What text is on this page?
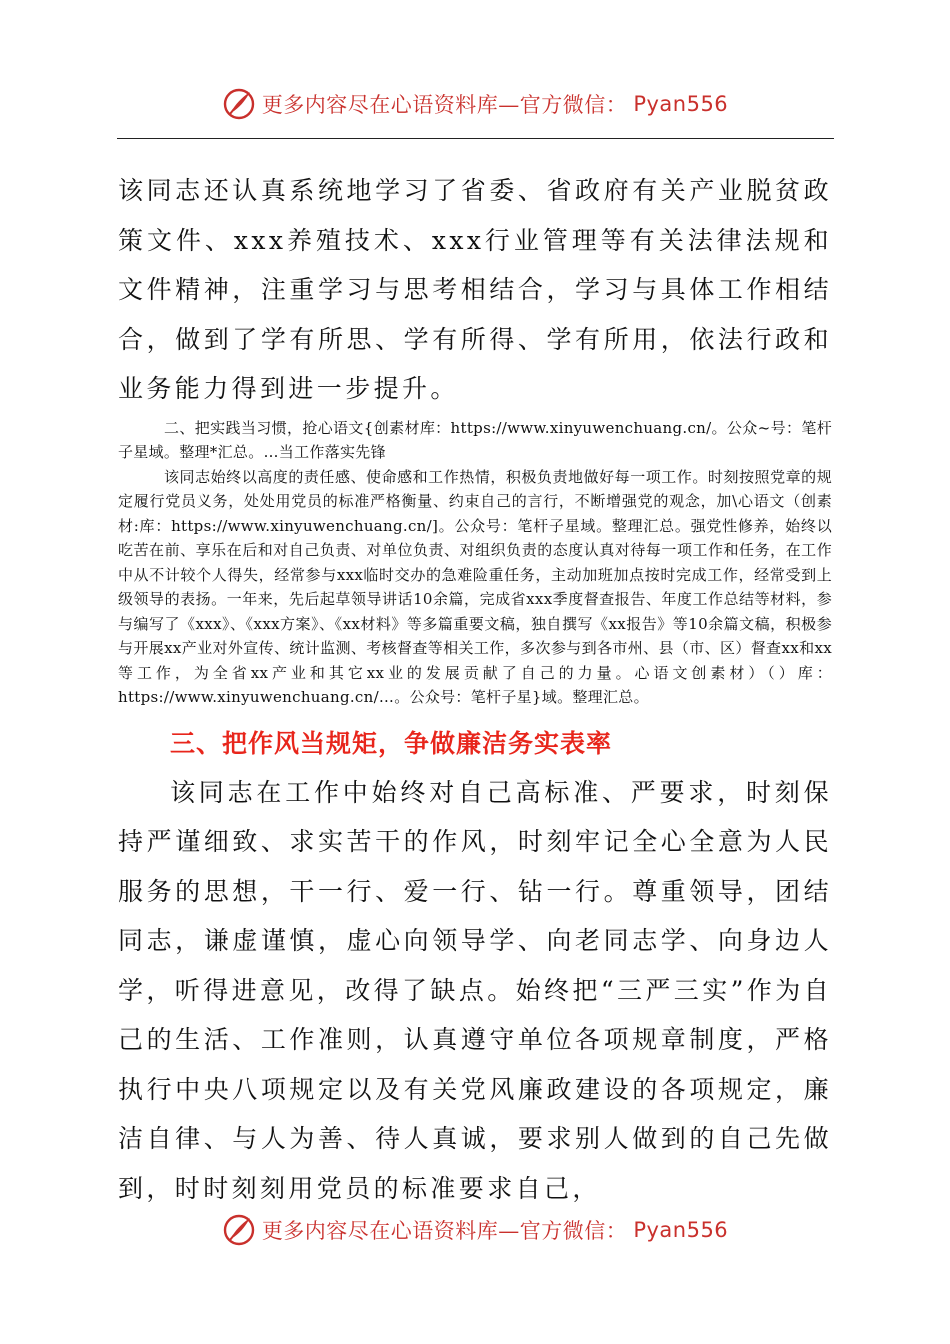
更多内容尽在心语资料库—官方微信： Pyan556

该同志还认真系统地学习了省委、省政府有关产业脱贫政策文件、xxx养殖技术、xxx行业管理等有关法律法规和文件精神，注重学习与思考相结合，学习与具体工作相结合，做到了学有所思、学有所得、学有所用，依法行政和业务能力得到进一步提升。

二、把实践当习惯，抢心语文{创素材库：https://www.xinyuwenchuang.cn/。公众~号：笔杆子星域。整理*汇总。…当工作落实先锋

该同志始终以高度的责任感、使命感和工作热情，积极负责地做好每一项工作。时刻按照党章的规定履行党员义务，处处用党员的标准严格衡量、约束自己的言行，不断增强党的观念，加\心语文（创素材:库：https://www.xinyuwenchuang.cn/]。公众号：笔杆子星域。整理汇总。强党性修养，始终以吃苦在前、享乐在后和对自己负责、对单位负责、对组织负责的态度认真对待每一项工作和任务，在工作中从不计较个人得失，经常参与xxx临时交办的急难险重任务，主动加班加点按时完成工作，经常受到上级领导的表扬。一年来，先后起草领导讲话10余篇，完成省xxx季度督查报告、年度工作总结等材料，参与编写了《xxx》、《xxx方案》、《xx材料》等多篇重要文稿，独自撰写《xx报告》等10余篇文稿，积极参与开展xx产业对外宣传、统计监测、考核督查等相关工作，多次参与到各市州、县（市、区）督查xx和xx等工作，为全省xx产业和其它xx业的发展贡献了自己的力量。心语文创素材）（）库：https://www.xinyuwenchuang.cn/…。公众号：笔杆子星}域。整理汇总。

三、把作风当规矩，争做廉洁务实表率

该同志在工作中始终对自己高标准、严要求，时刻保持严谨细致、求实苦干的作风，时刻牢记全心全意为人民服务的思想，干一行、爱一行、钻一行。尊重领导，团结同志，谦虚谨慎，虚心向领导学、向老同志学、向身边人学，听得进意见，改得了缺点。始终把“三严三实”作为自己的生活、工作准则，认真遵守单位各项规章制度，严格执行中央八项规定以及有关党风廉政建设的各项规定，廉洁自律、与人为善、待人真诚，要求别人做到的自己先做到，时时刻刻用党员的标准要求自己，

更多内容尽在心语资料库—官方微信： Pyan556
